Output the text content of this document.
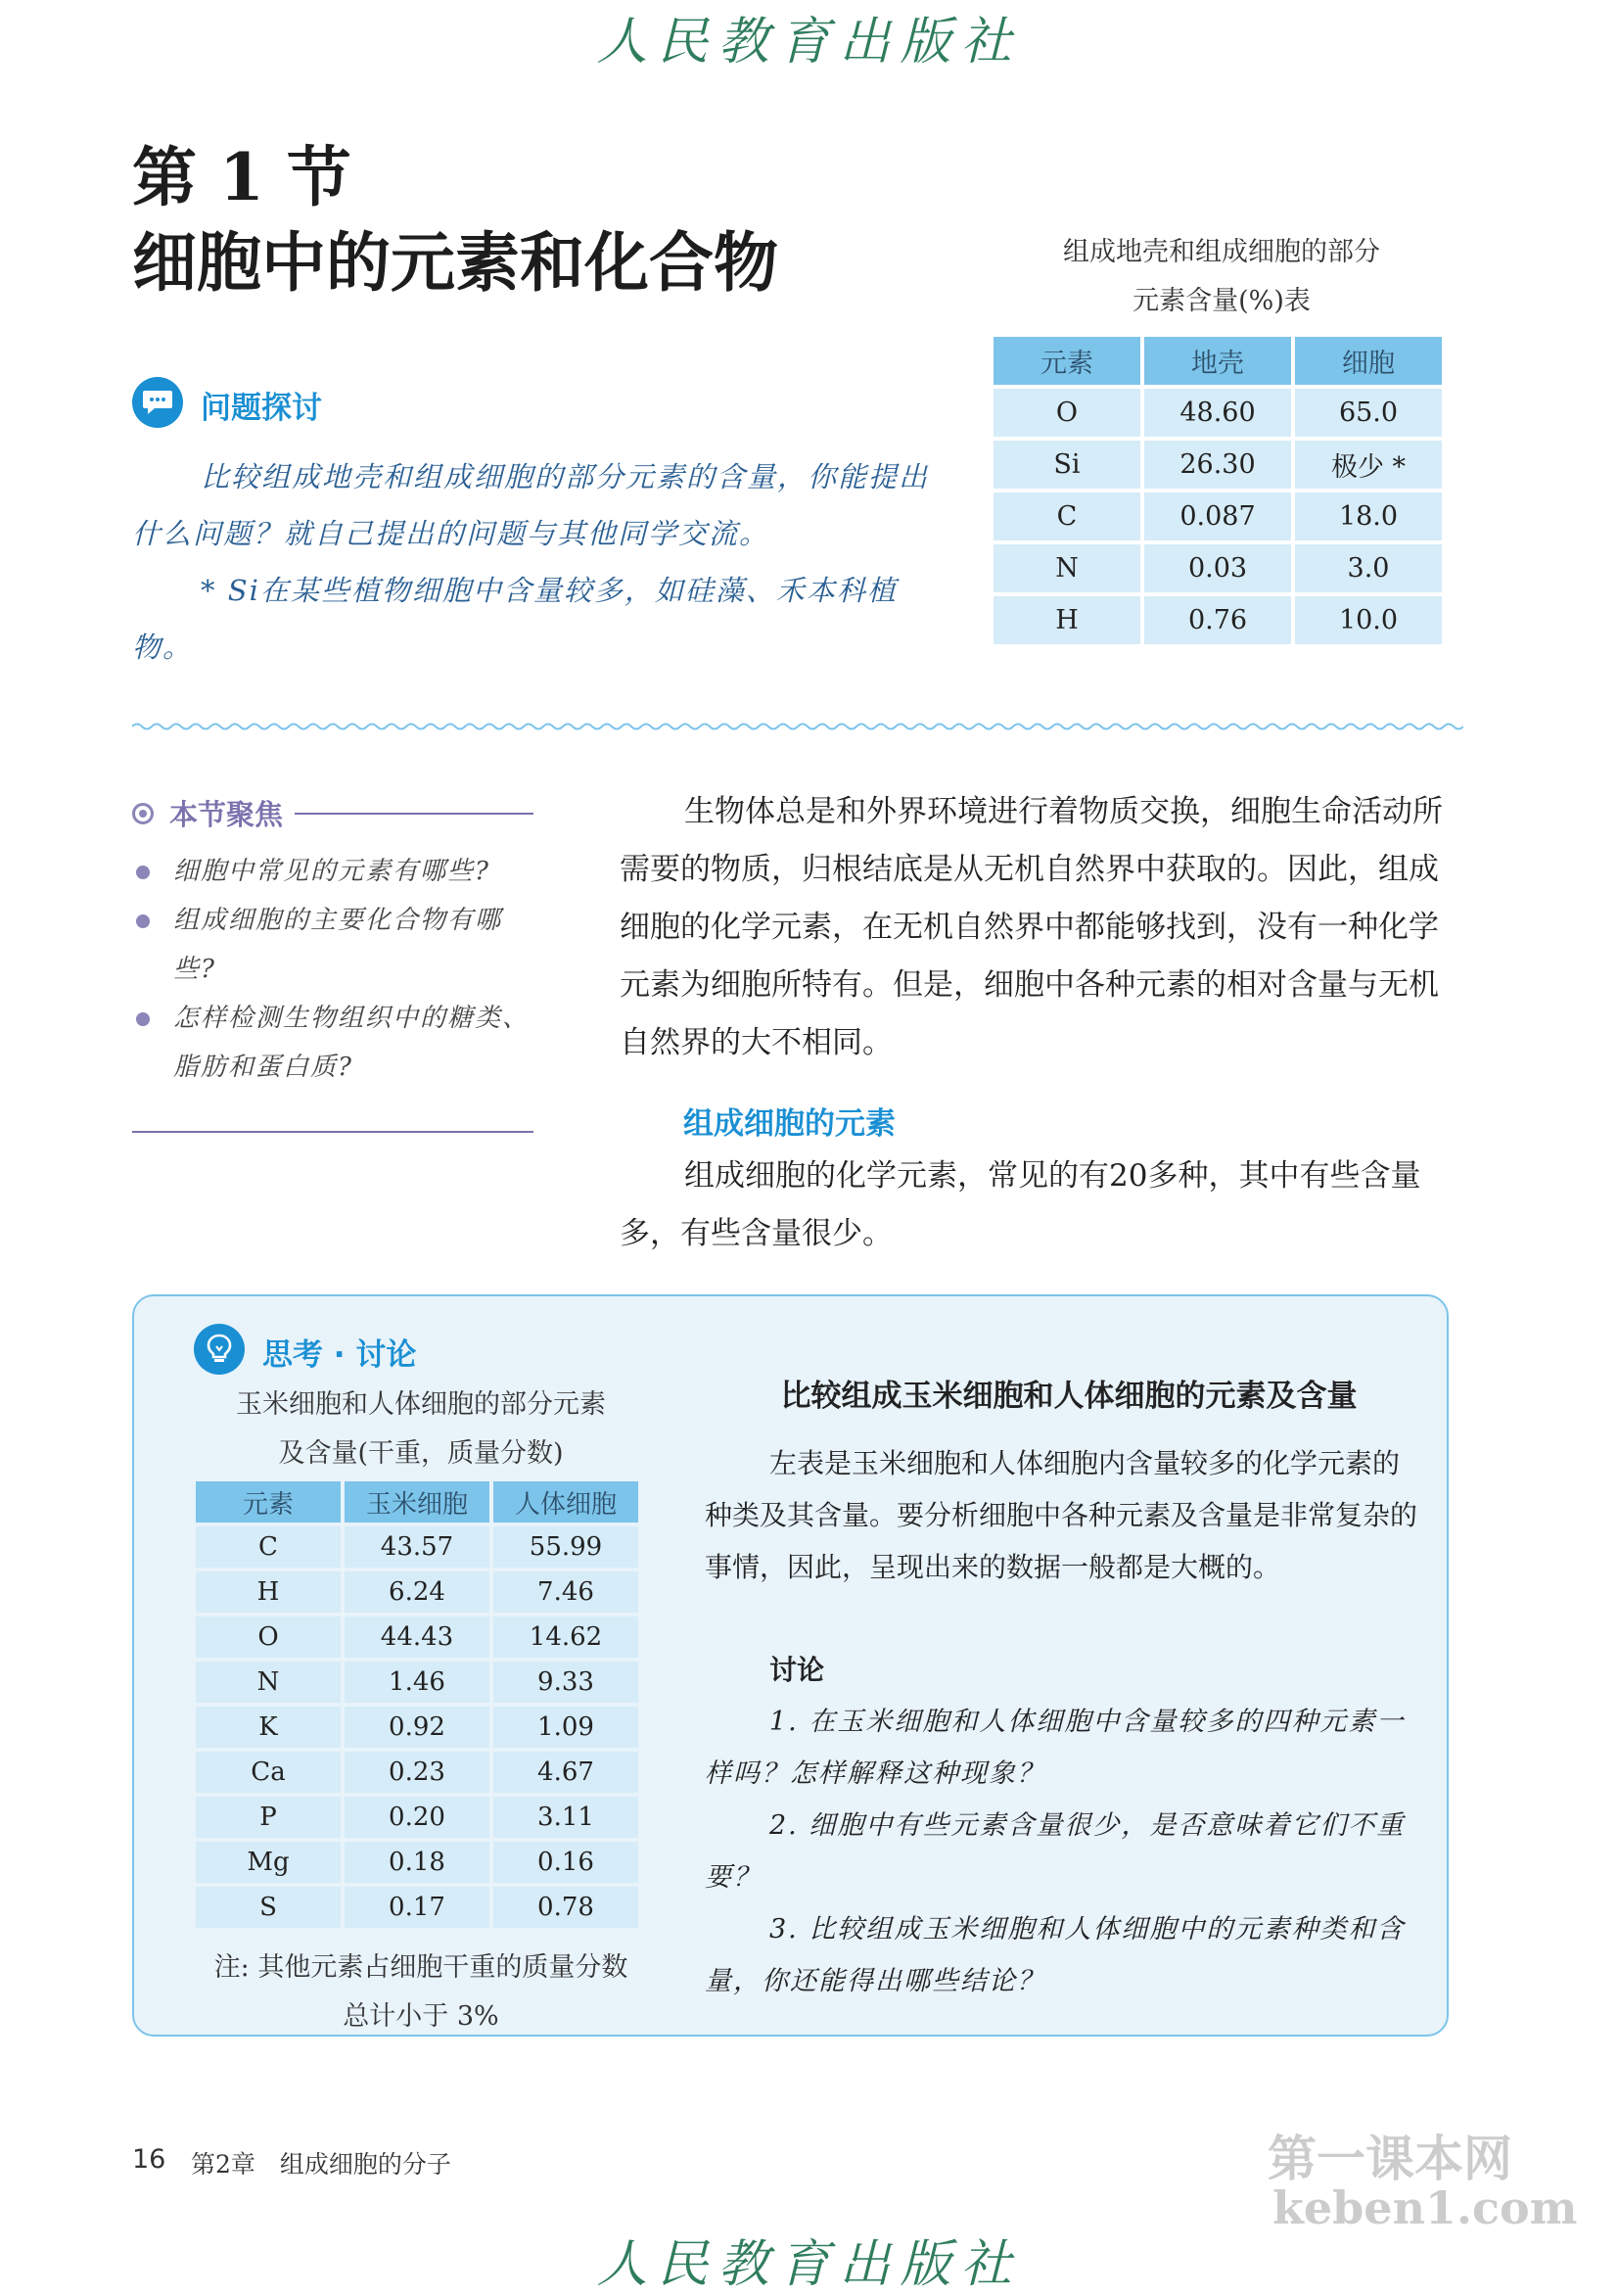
人民教育出版社
第 1 节
细胞中的元素和化合物
问题探讨

比较组成地壳和组成细胞的部分元素的含量，你能提出什么问题？就自己提出的问题与其他同学交流。

* Si在某些植物细胞中含量较多，如硅藻、禾本科植物。

组成地壳和组成细胞的部分
元素含量(%)表
元素	地壳	细胞
O	48.60	65.0
Si	26.30	极少 *
C	0.087	18.0
N	0.03	3.0
H	0.76	10.0
本节聚焦
细胞中常见的元素有哪些?
组成细胞的主要化合物有哪些?
怎样检测生物组织中的糖类、脂肪和蛋白质?

生物体总是和外界环境进行着物质交换，细胞生命活动所需要的物质，归根结底是从无机自然界中获取的。因此，组成细胞的化学元素，在无机自然界中都能够找到，没有一种化学元素为细胞所特有。但是，细胞中各种元素的相对含量与无机自然界的大不相同。

组成细胞的元素

组成细胞的化学元素，常见的有20多种，其中有些含量多，有些含量很少。

思考 · 讨论
玉米细胞和人体细胞的部分元素
及含量(干重，质量分数)
元素	玉米细胞	人体细胞
C	43.57	55.99
H	6.24	7.46
O	44.43	14.62
N	1.46	9.33
K	0.92	1.09
Ca	0.23	4.67
P	0.20	3.11
Mg	0.18	0.16
S	0.17	0.78
注: 其他元素占细胞干重的质量分数
总计小于 3%
比较组成玉米细胞和人体细胞的元素及含量

左表是玉米细胞和人体细胞内含量较多的化学元素的种类及其含量。要分析细胞中各种元素及含量是非常复杂的事情，因此，呈现出来的数据一般都是大概的。

讨论

1. 在玉米细胞和人体细胞中含量较多的四种元素一样吗？怎样解释这种现象？

2. 细胞中有些元素含量很少，是否意味着它们不重要？

3. 比较组成玉米细胞和人体细胞中的元素种类和含量，你还能得出哪些结论？

16 第2章　组成细胞的分子	第一课本网
keben1.com
人民教育出版社
